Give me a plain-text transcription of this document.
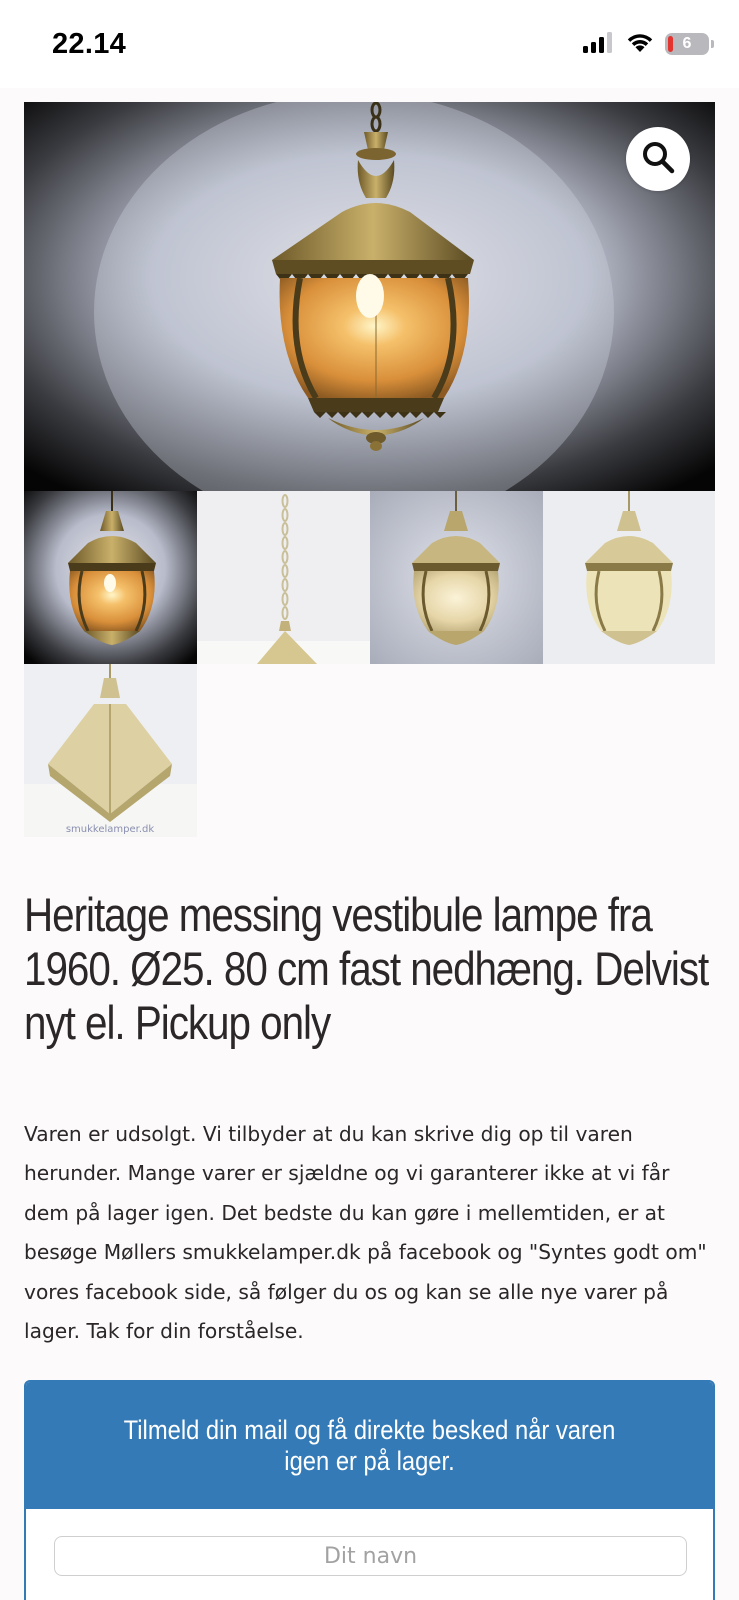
22.14	6
smukkelamper.dk
Heritage messing vestibule lampe fra 1960. Ø25. 80 cm fast nedhæng. Delvist nyt el. Pickup only

Varen er udsolgt. Vi tilbyder at du kan skrive dig op til varen herunder. Mange varer er sjældne og vi garanterer ikke at vi får dem på lager igen. Det bedste du kan gøre i mellemtiden, er at besøge Møllers smukkelamper.dk på facebook og "Syntes godt om" vores facebook side, så følger du os og kan se alle nye varer på lager. Tak for din forståelse.

Tilmeld din mail og få direkte besked når varen igen er på lager.
Dit navn
